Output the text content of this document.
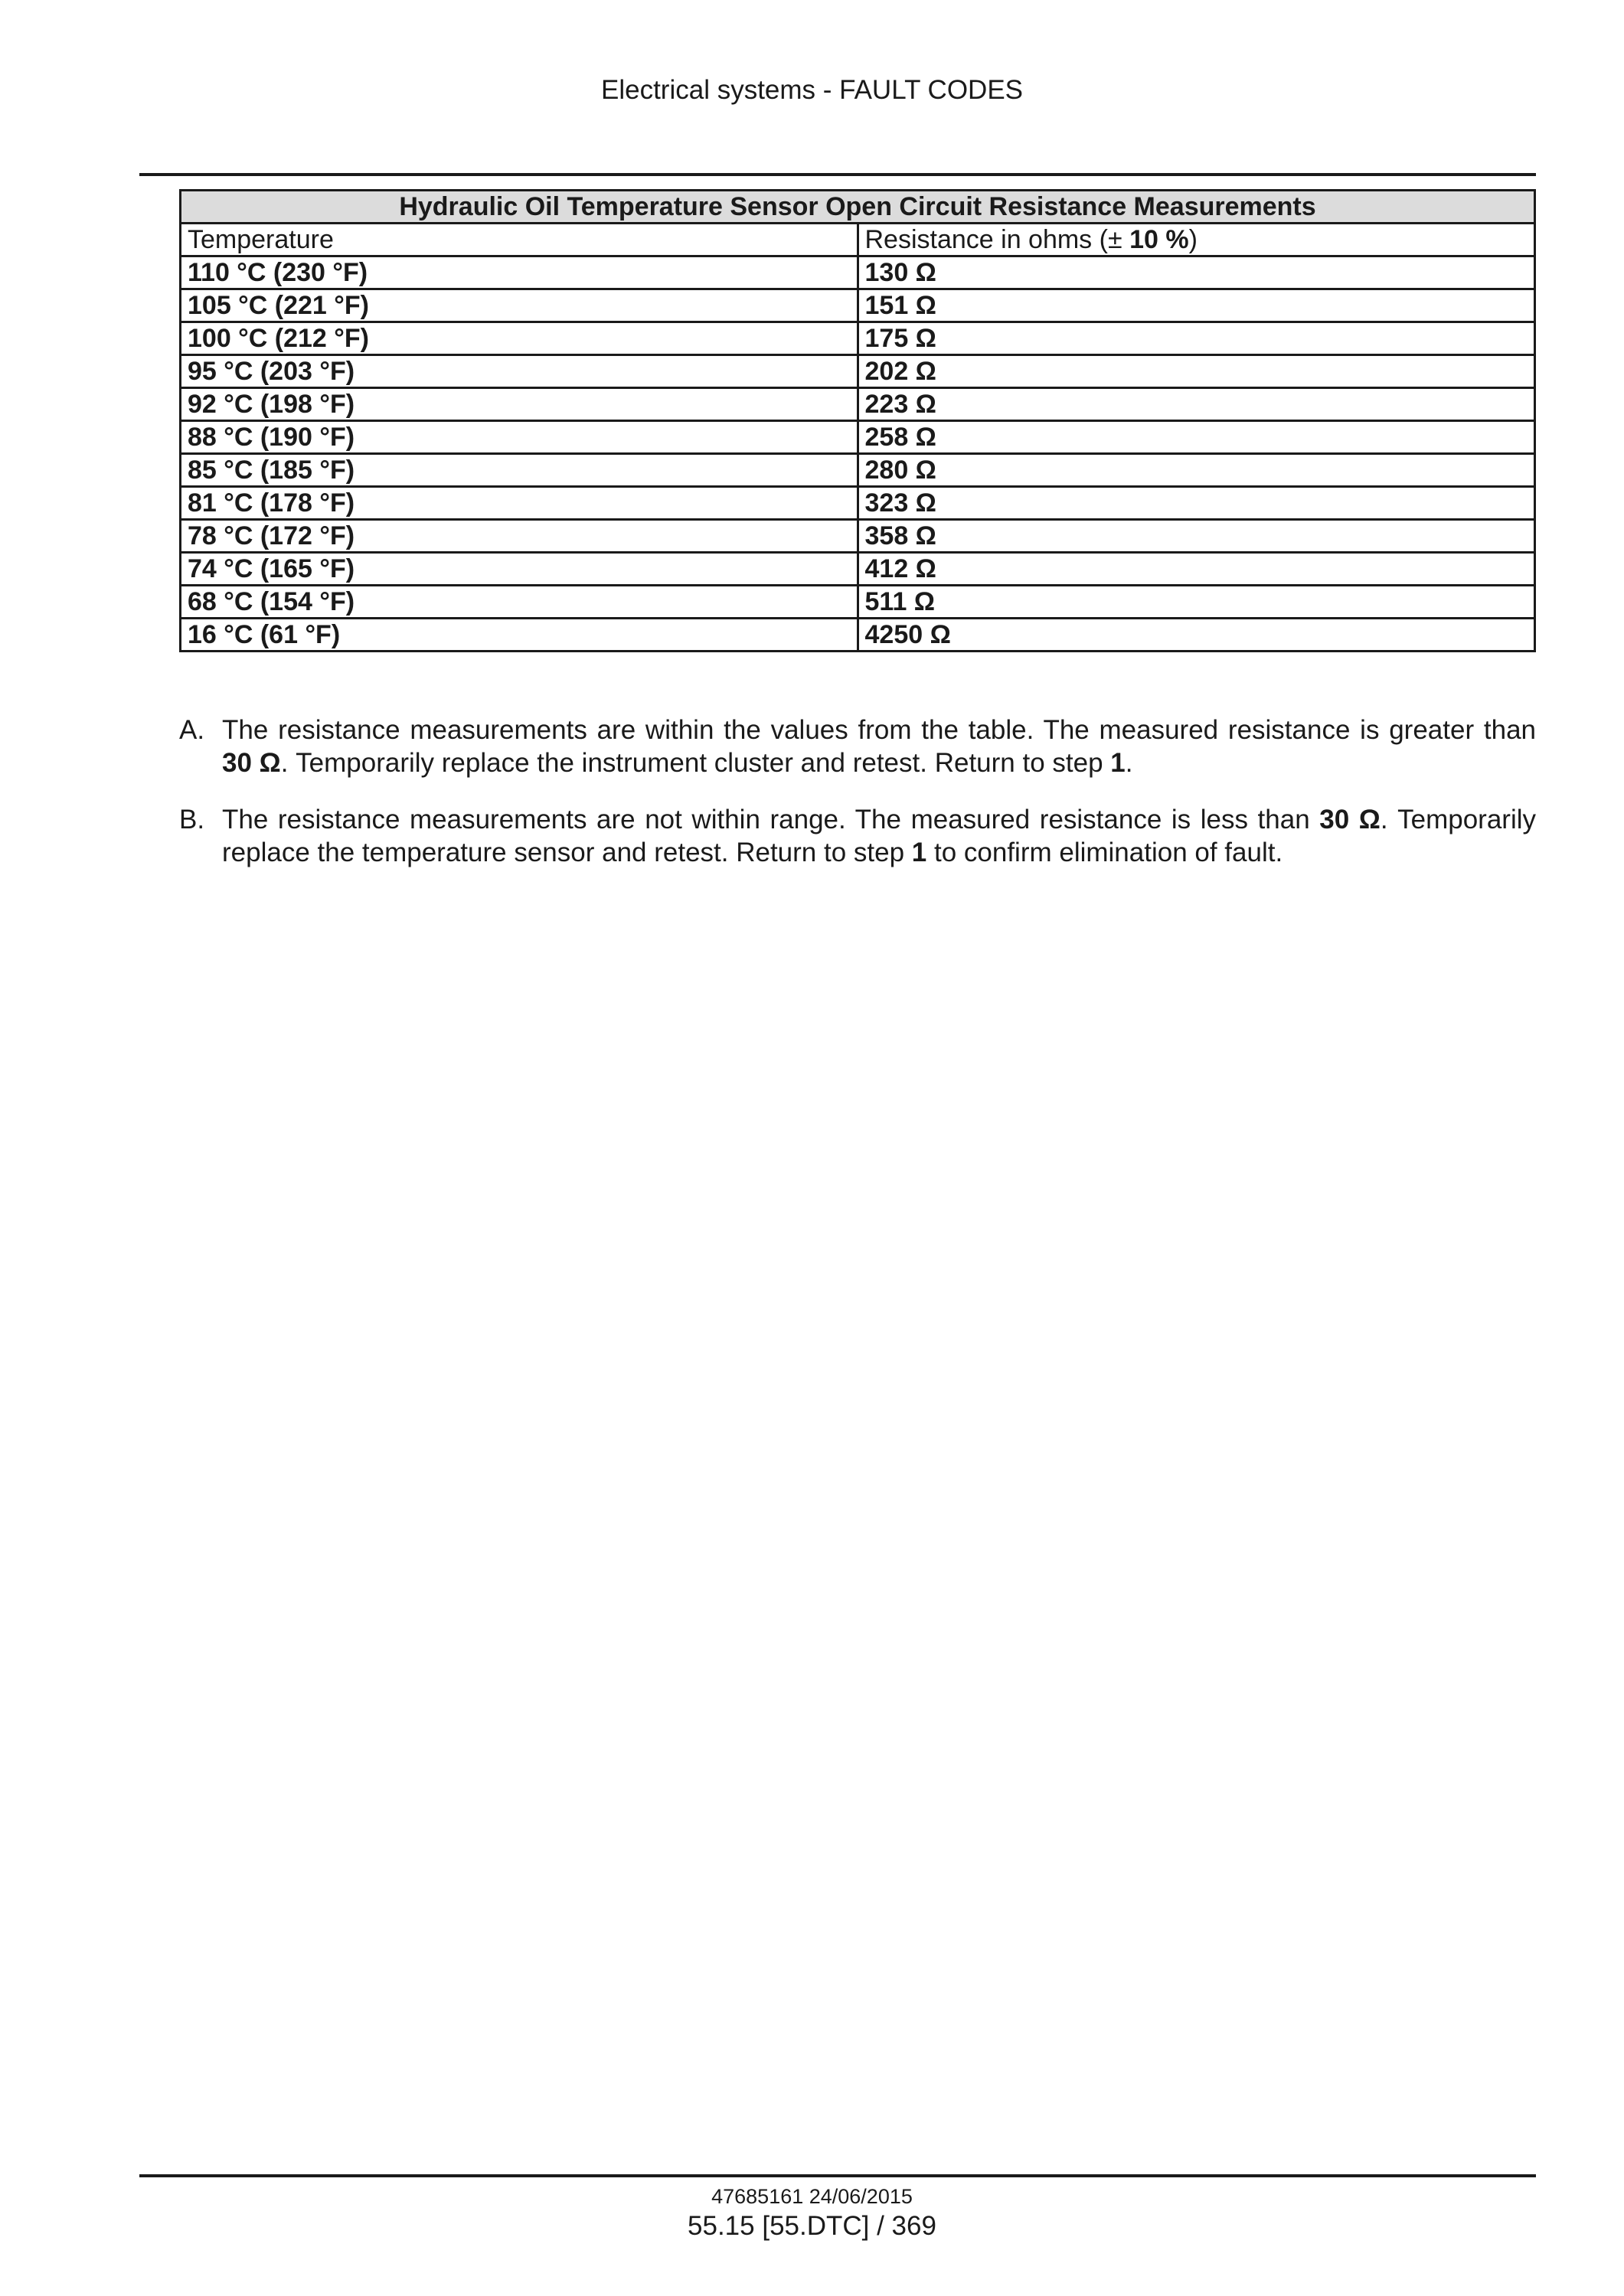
Electrical systems - FAULT CODES
Hydraulic Oil Temperature Sensor Open Circuit Resistance Measurements	
Temperature	Resistance in ohms (± 10 %)
110 °C (230 °F)	130 Ω
105 °C (221 °F)	151 Ω
100 °C (212 °F)	175 Ω
95 °C (203 °F)	202 Ω
92 °C (198 °F)	223 Ω
88 °C (190 °F)	258 Ω
85 °C (185 °F)	280 Ω
81 °C (178 °F)	323 Ω
78 °C (172 °F)	358 Ω
74 °C (165 °F)	412 Ω
68 °C (154 °F)	511 Ω
16 °C (61 °F)	4250 Ω
A. The resistance measurements are within the values from the table. The measured resistance is greater than 30 Ω. Temporarily replace the instrument cluster and retest. Return to step 1.
B. The resistance measurements are not within range. The measured resistance is less than 30 Ω. Temporarily replace the temperature sensor and retest. Return to step 1 to confirm elimination of fault.
47685161 24/06/2015
55.15 [55.DTC] / 369
